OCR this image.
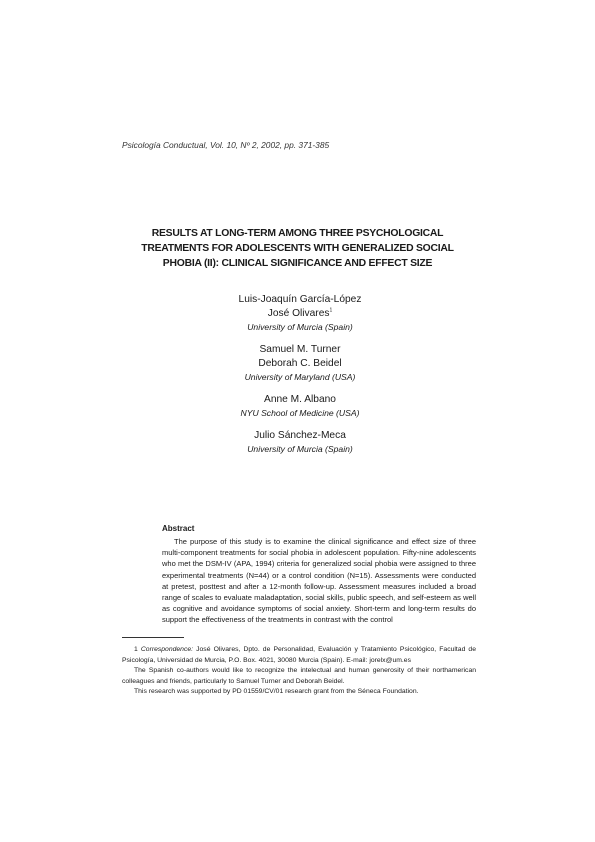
Psicología Conductual, Vol. 10, Nº 2, 2002, pp. 371-385
RESULTS AT LONG-TERM AMONG THREE PSYCHOLOGICAL
TREATMENTS FOR ADOLESCENTS WITH GENERALIZED SOCIAL
PHOBIA (II): CLINICAL SIGNIFICANCE AND EFFECT SIZE
Luis-Joaquín García-López
José Olivares$^1$
University of Murcia (Spain)
Samuel M. Turner
Deborah C. Beidel
University of Maryland (USA)
Anne M. Albano
NYU School of Medicine (USA)
Julio Sánchez-Meca
University of Murcia (Spain)
Abstract

The purpose of this study is to examine the clinical significance and effect size of three multi-component treatments for social phobia in adolescent population. Fifty-nine adolescents who met the DSM-IV (APA, 1994) criteria for generalized social phobia were assigned to three experimental treatments (N=44) or a control condition (N=15). Assessments were conducted at pretest, posttest and after a 12-month follow-up. Assessment measures included a broad range of scales to evaluate maladaptation, social skills, public speech, and self-esteem as well as cognitive and avoidance symptoms of social anxiety. Short-term and long-term results do support the effectiveness of the treatments in contrast with the control

1 Correspondence: José Olivares, Dpto. de Personalidad, Evaluación y Tratamiento Psicológico, Facultad de Psicología, Universidad de Murcia, P.O. Box. 4021, 30080 Murcia (Spain). E-mail: jorelx@um.es

The Spanish co-authors would like to recognize the intelectual and human generosity of their northamerican colleagues and friends, particularly to Samuel Turner and Deborah Beidel.

This research was supported by PD 01559/CV/01 research grant from the Séneca Foundation.
